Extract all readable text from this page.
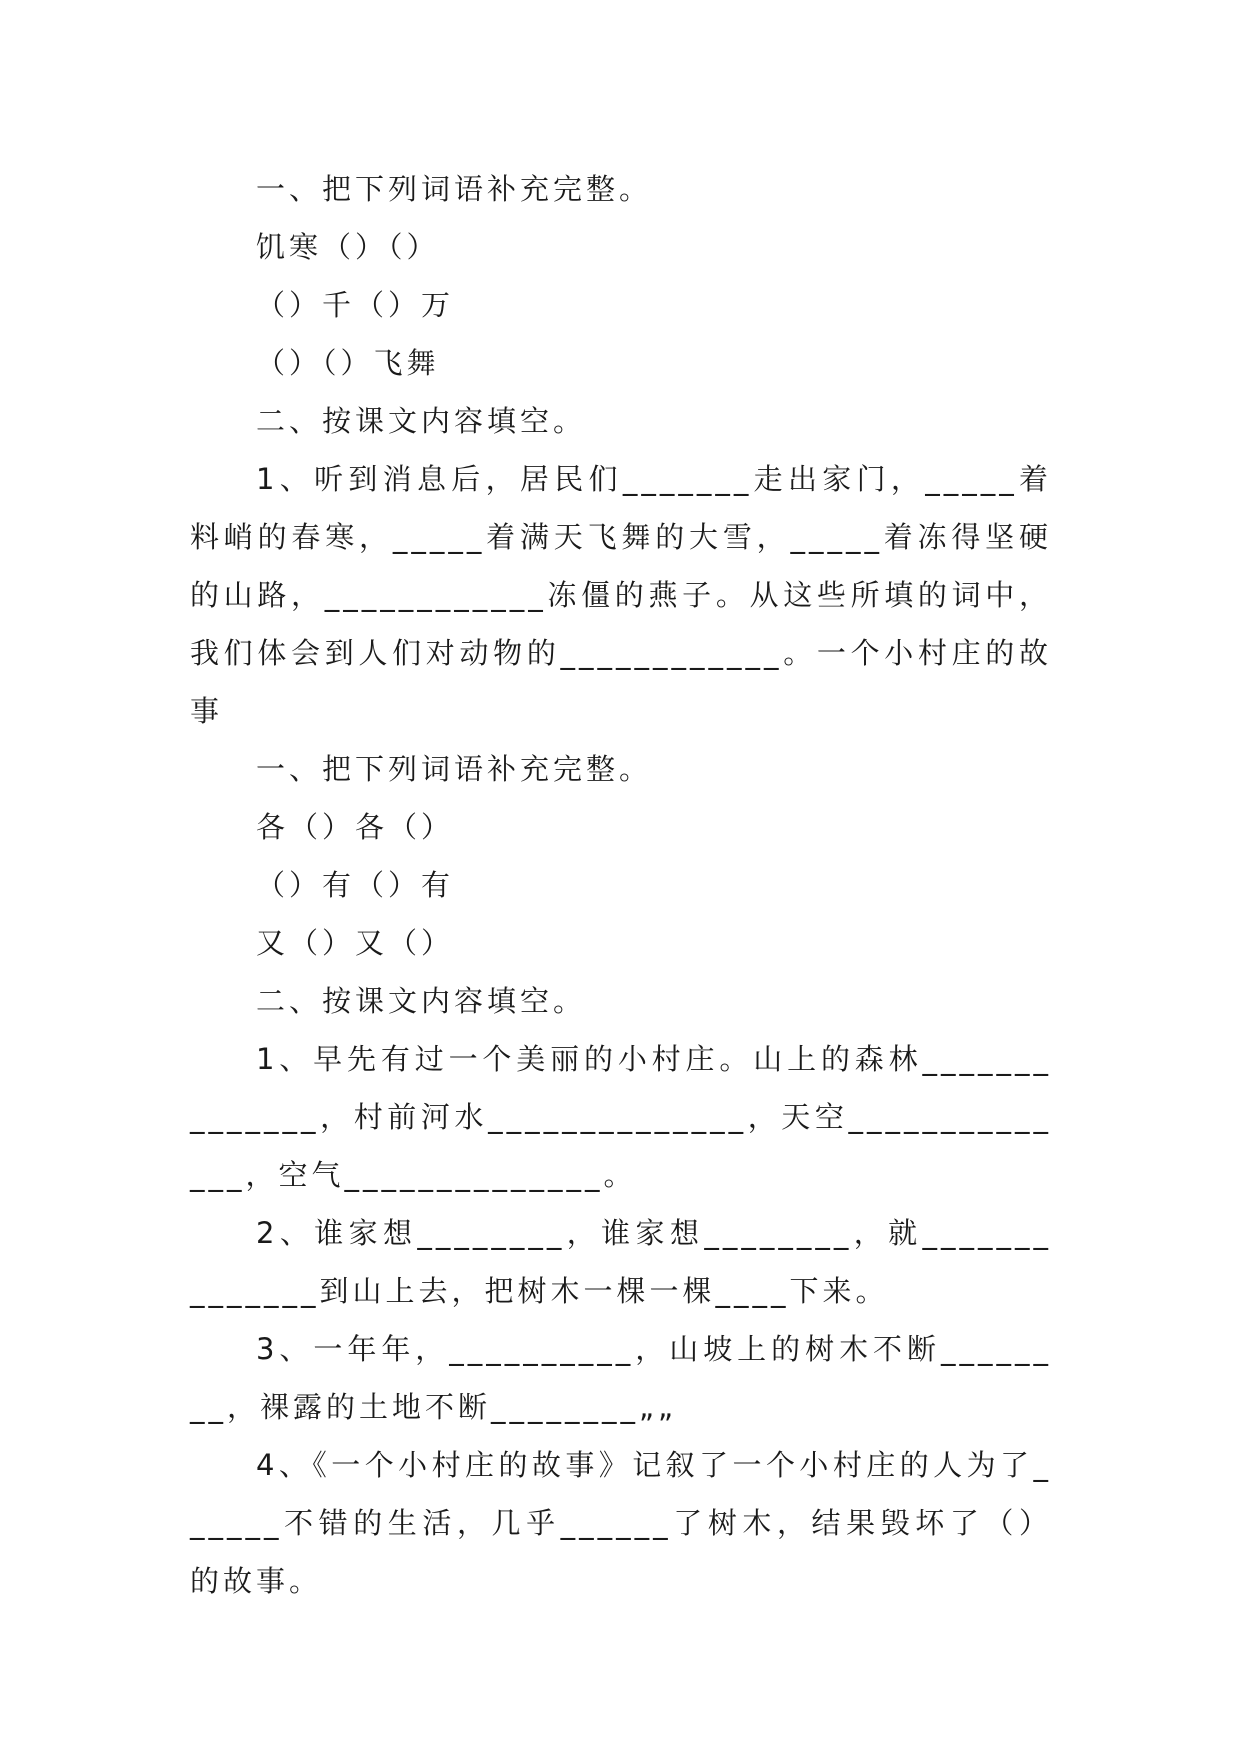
一、把下列词语补充完整。

饥寒（）（）

（）千（）万

（）（）飞舞

二、按课文内容填空。

1、听到消息后，居民们_______走出家门，_____着料峭的春寒，_____着满天飞舞的大雪，_____着冻得坚硬的山路，____________冻僵的燕子。从这些所填的词中，我们体会到人们对动物的____________。一个小村庄的故事

一、把下列词语补充完整。

各（）各（）

（）有（）有

又（）又（）

二、按课文内容填空。

1、早先有过一个美丽的小村庄。山上的森林______________，村前河水______________，天空______________，空气______________。

2、谁家想________，谁家想________，就______________到山上去，把树木一棵一棵____下来。

3、一年年，__________，山坡上的树木不断________，裸露的土地不断________„„

4、《一个小村庄的故事》记叙了一个小村庄的人为了______不错的生活，几乎______了树木，结果毁坏了（）的故事。
